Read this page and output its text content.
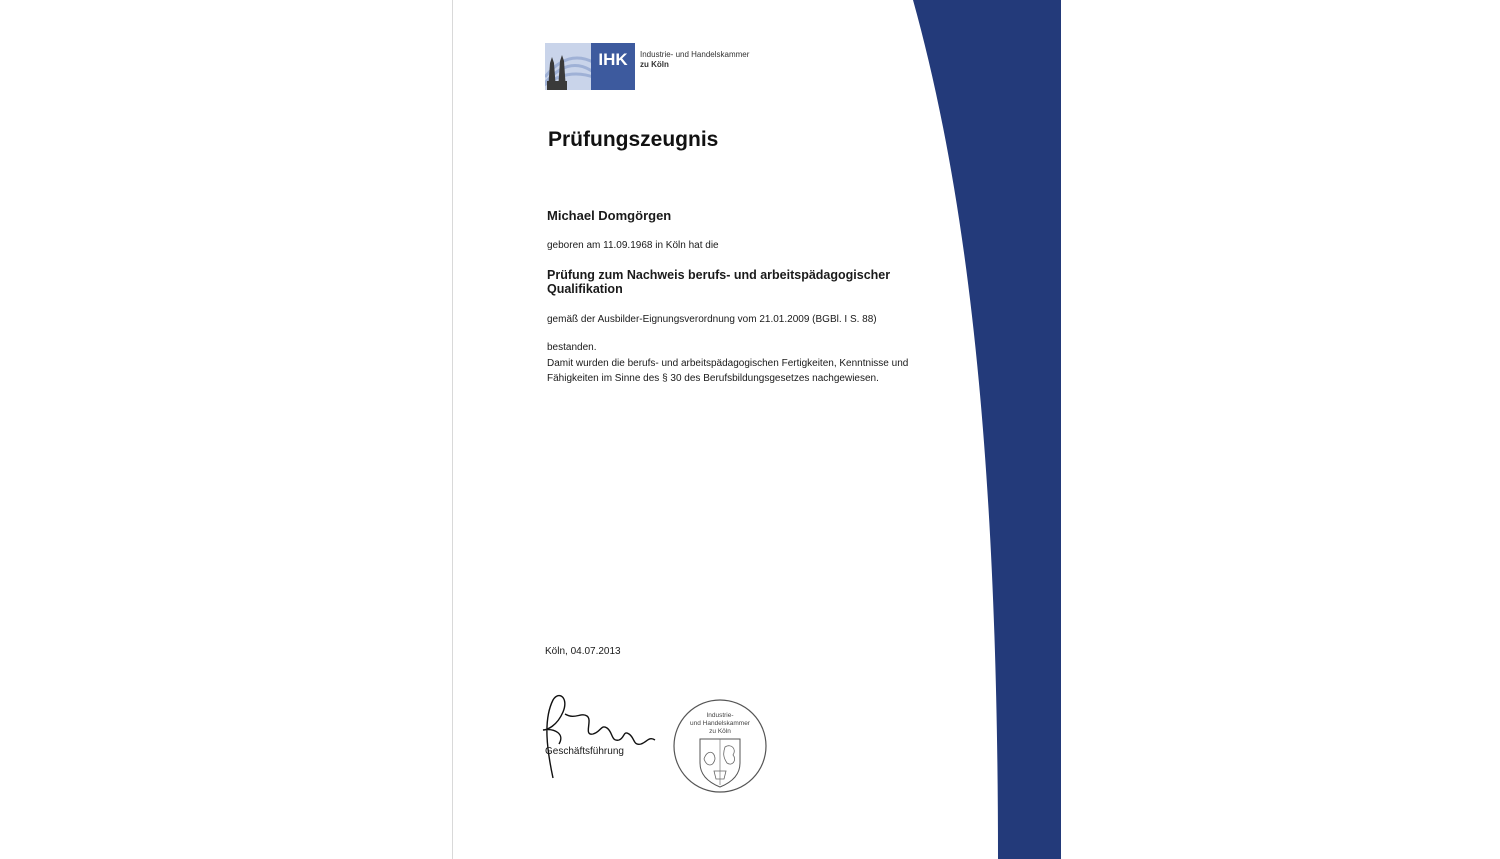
IHK Industrie- und Handelskammer
zu Köln
Prüfungszeugnis
Michael Domgörgen
geboren am 11.09.1968 in Köln hat die
Prüfung zum Nachweis berufs- und arbeitspädagogischer Qualifikation
gemäß der Ausbilder-Eignungsverordnung vom 21.01.2009 (BGBl. I S. 88)
bestanden.
Damit wurden die berufs- und arbeitspädagogischen Fertigkeiten, Kenntnisse und Fähigkeiten im Sinne des § 30 des Berufsbildungsgesetzes nachgewiesen.
Köln, 04.07.2013
Geschäftsführung
Industrie-
und Handelskammer
zu Köln
